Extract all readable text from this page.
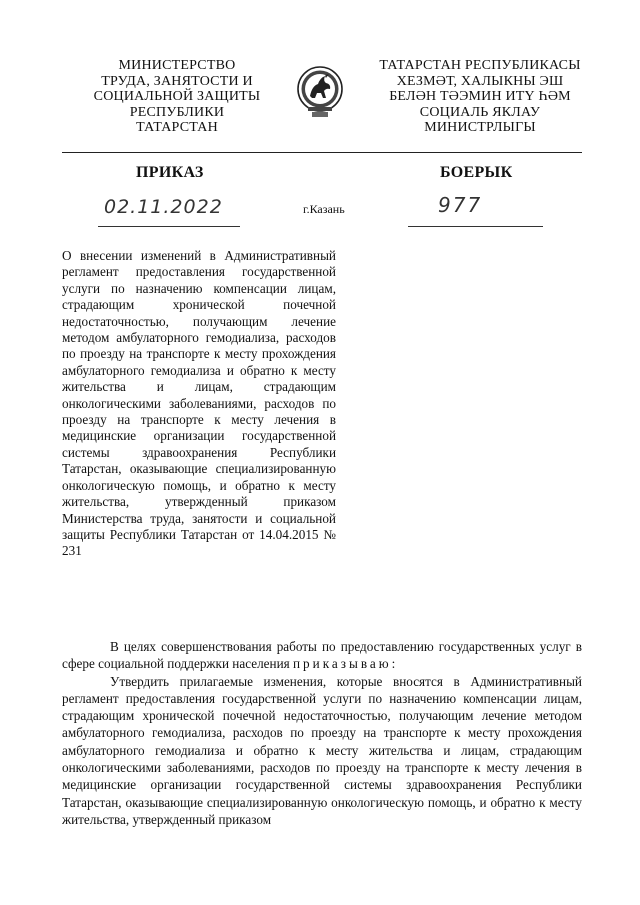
МИНИСТЕРСТВО
ТРУДА, ЗАНЯТОСТИ И
СОЦИАЛЬНОЙ ЗАЩИТЫ
РЕСПУБЛИКИ
ТАТАРСТАН
ТАТАРСТАН РЕСПУБЛИКАСЫ
ХЕЗМӘТ, ХАЛЫКНЫ ЭШ
БЕЛӘН ТӘЭМИН ИТҮ ҺӘМ
СОЦИАЛЬ ЯКЛАУ
МИНИСТРЛЫГЫ
ПРИКАЗ	БОЕРЫК
02.11.2022	г.Казань	977

О внесении изменений в Административный регламент предоставления государственной услуги по назначению компенсации лицам, страдающим хронической почечной недостаточностью, получающим лечение методом амбулаторного гемодиализа, расходов по проезду на транспорте к месту прохождения амбулаторного гемодиализа и обратно к месту жительства и лицам, страдающим онкологическими заболеваниями, расходов по проезду на транспорте к месту лечения в медицинские организации государственной системы здравоохранения Республики Татарстан, оказывающие специализированную онкологическую помощь, и обратно к месту жительства, утвержденный приказом Министерства труда, занятости и социальной защиты Республики Татарстан от 14.04.2015 № 231

В целях совершенствования работы по предоставлению государственных услуг в сфере социальной поддержки населения приказываю:

Утвердить прилагаемые изменения, которые вносятся в Административный регламент предоставления государственной услуги по назначению компенсации лицам, страдающим хронической почечной недостаточностью, получающим лечение методом амбулаторного гемодиализа, расходов по проезду на транспорте к месту прохождения амбулаторного гемодиализа и обратно к месту жительства и лицам, страдающим онкологическими заболеваниями, расходов по проезду на транспорте к месту лечения в медицинские организации государственной системы здравоохранения Республики Татарстан, оказывающие специализированную онкологическую помощь, и обратно к месту жительства, утвержденный приказом
